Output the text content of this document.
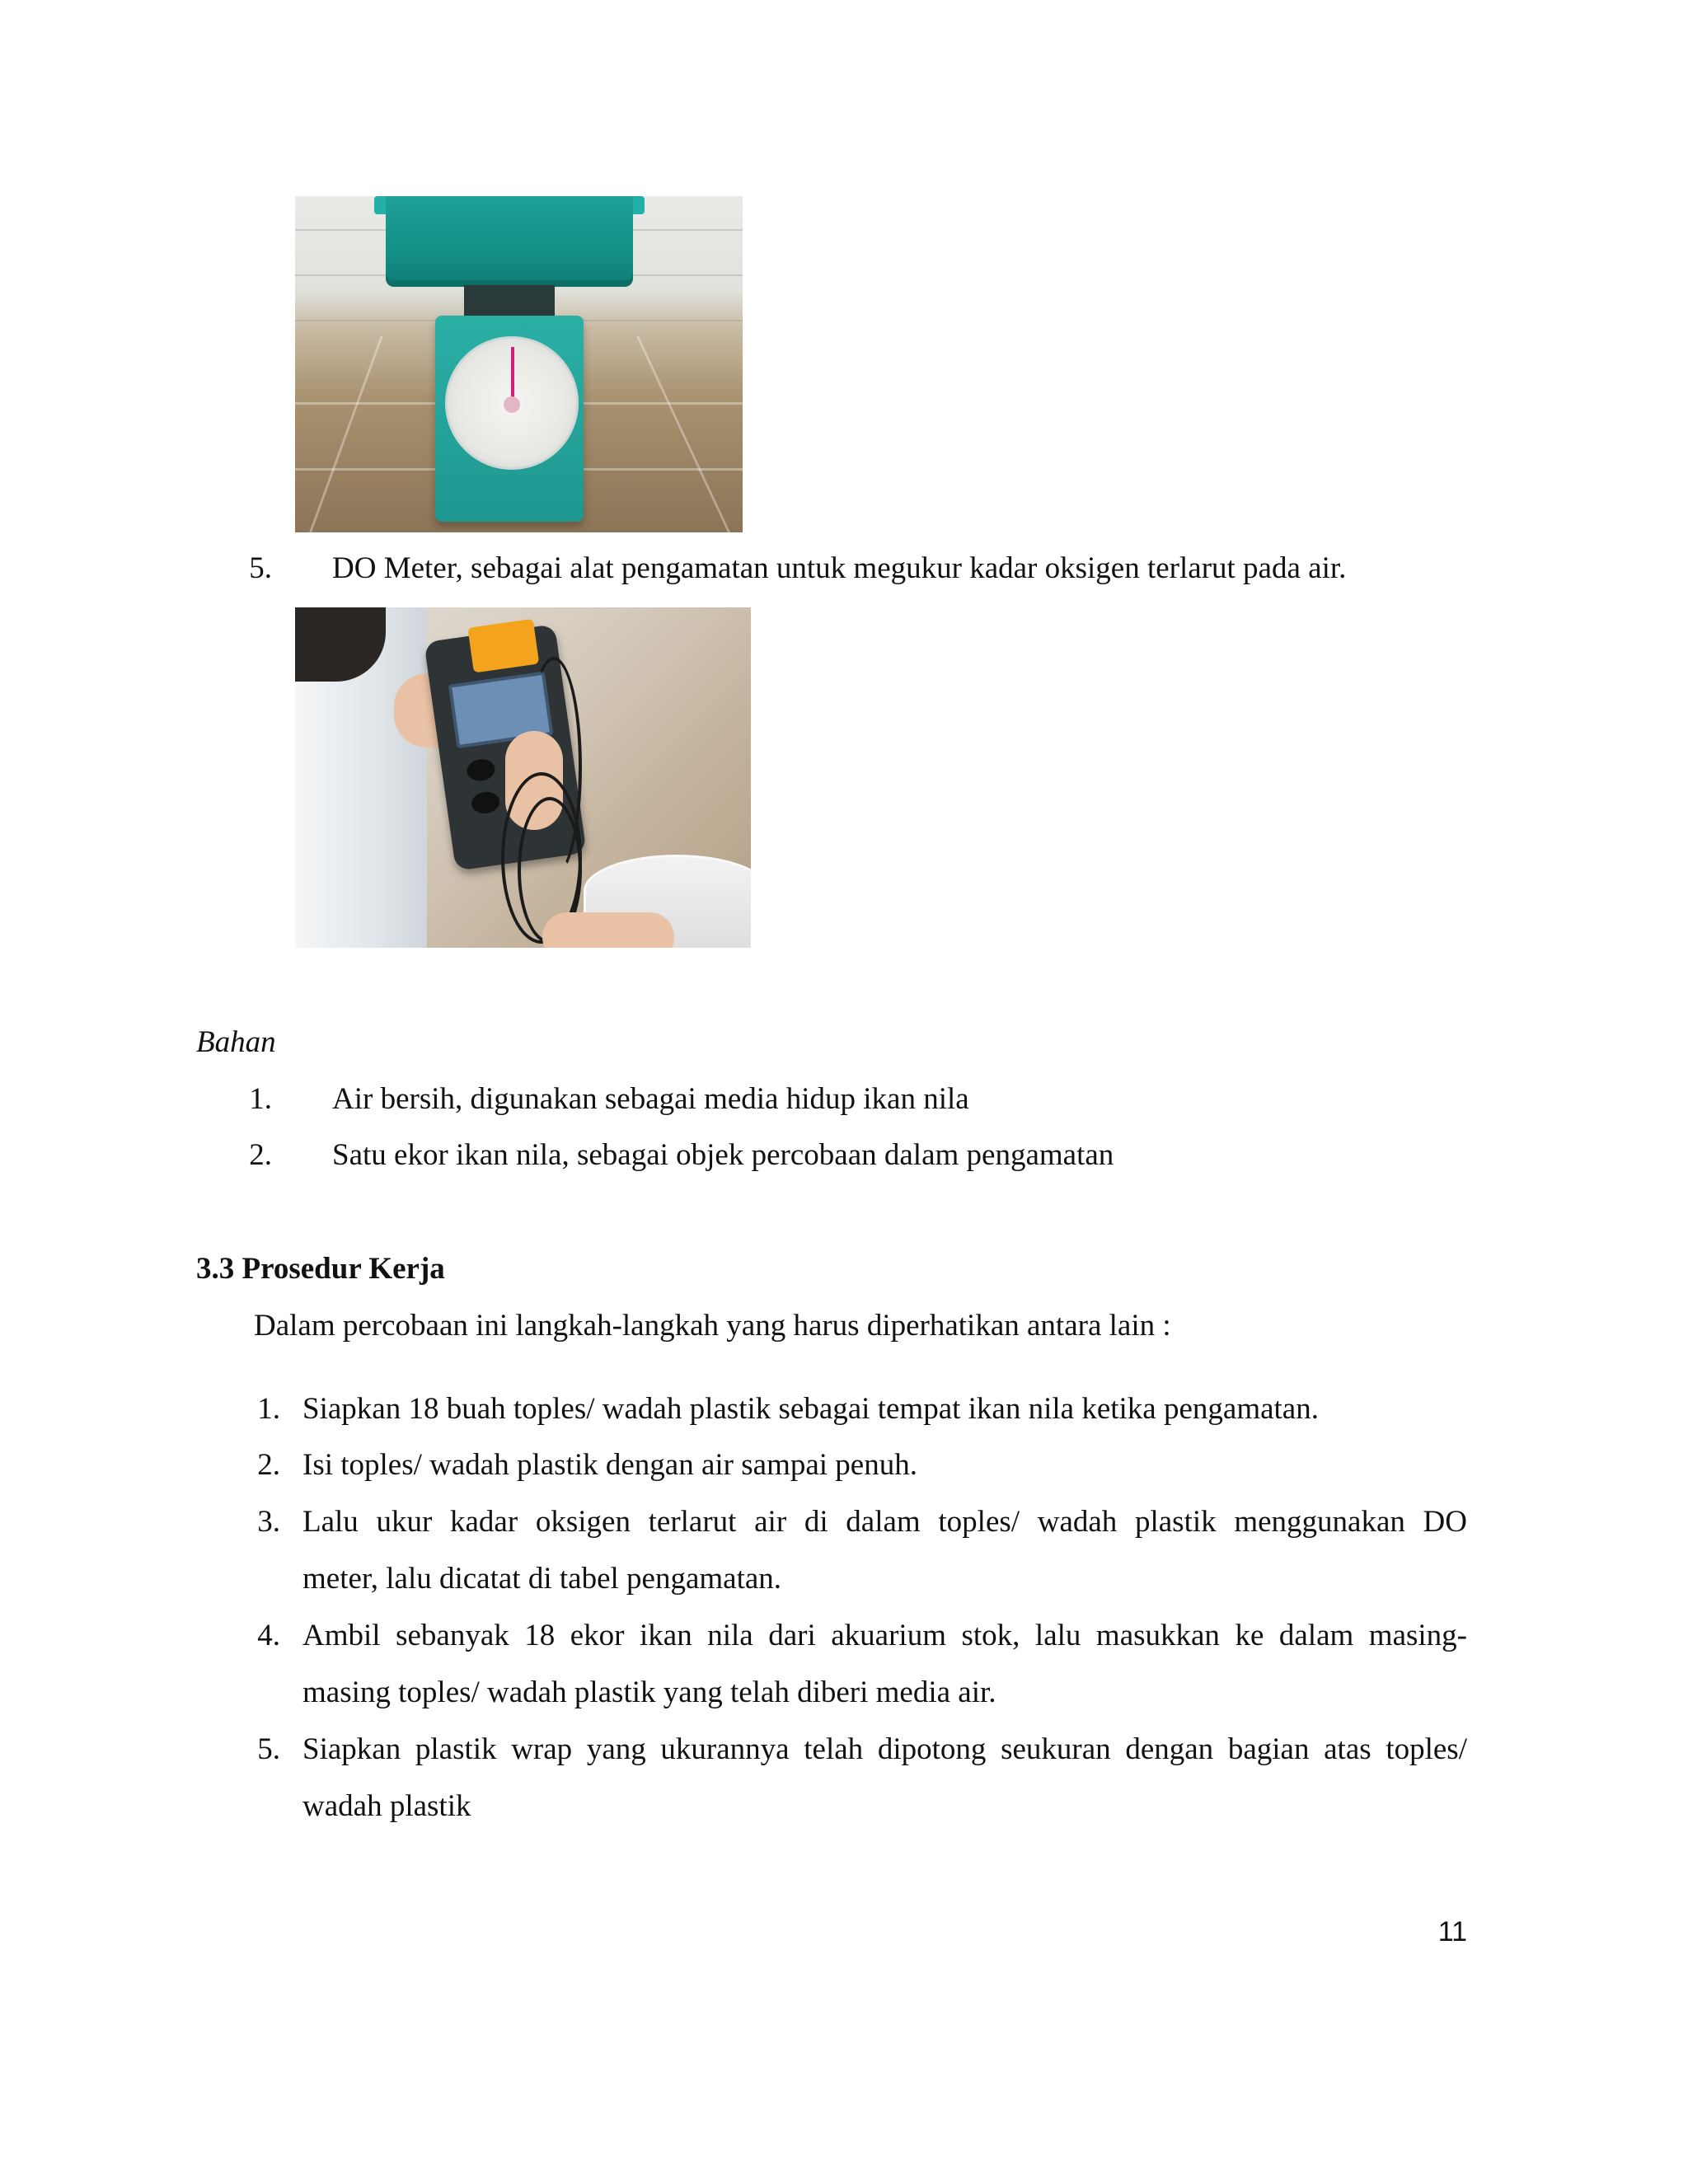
5. DO Meter, sebagai alat pengamatan untuk megukur kadar oksigen terlarut pada air.
Bahan
1. Air bersih, digunakan sebagai media hidup ikan nila
2. Satu ekor ikan nila, sebagai objek percobaan dalam pengamatan
3.3 Prosedur Kerja
Dalam percobaan ini langkah-langkah yang harus diperhatikan antara lain :
1. Siapkan 18 buah toples/ wadah plastik sebagai tempat ikan nila ketika pengamatan.
2. Isi toples/ wadah plastik dengan air sampai penuh.
3. Lalu ukur kadar oksigen terlarut air di dalam toples/ wadah plastik menggunakan DO
meter, lalu dicatat di tabel pengamatan.
4. Ambil sebanyak 18 ekor ikan nila dari akuarium stok, lalu masukkan ke dalam masing-
masing toples/ wadah plastik yang telah diberi media air.
5. Siapkan plastik wrap yang ukurannya telah dipotong seukuran dengan bagian atas toples/
wadah plastik
11
